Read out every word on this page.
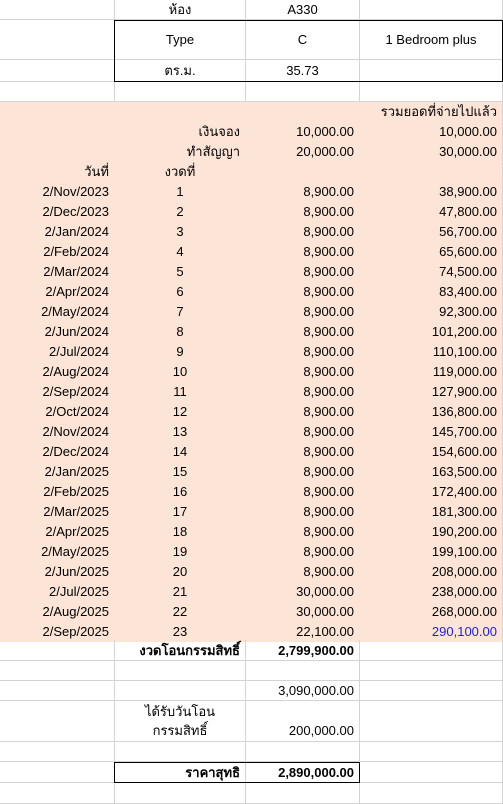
ห้อง	A330
Type	C	1 Bedroom plus
ตร.ม.	35.73
รวมยอดที่จ่ายไปแล้ว
เงินจอง	10,000.00	10,000.00
ทำสัญญา	20,000.00	30,000.00
วันที่	งวดที่
2/Nov/2023	1	8,900.00	38,900.00
2/Dec/2023	2	8,900.00	47,800.00
2/Jan/2024	3	8,900.00	56,700.00
2/Feb/2024	4	8,900.00	65,600.00
2/Mar/2024	5	8,900.00	74,500.00
2/Apr/2024	6	8,900.00	83,400.00
2/May/2024	7	8,900.00	92,300.00
2/Jun/2024	8	8,900.00	101,200.00
2/Jul/2024	9	8,900.00	110,100.00
2/Aug/2024	10	8,900.00	119,000.00
2/Sep/2024	11	8,900.00	127,900.00
2/Oct/2024	12	8,900.00	136,800.00
2/Nov/2024	13	8,900.00	145,700.00
2/Dec/2024	14	8,900.00	154,600.00
2/Jan/2025	15	8,900.00	163,500.00
2/Feb/2025	16	8,900.00	172,400.00
2/Mar/2025	17	8,900.00	181,300.00
2/Apr/2025	18	8,900.00	190,200.00
2/May/2025	19	8,900.00	199,100.00
2/Jun/2025	20	8,900.00	208,000.00
2/Jul/2025	21	30,000.00	238,000.00
2/Aug/2025	22	30,000.00	268,000.00
2/Sep/2025	23	22,100.00	290,100.00
งวดโอนกรรมสิทธิ์	2,799,900.00
3,090,000.00
ได้รับวันโอน
กรรมสิทธิ์	200,000.00
ราคาสุทธิ	2,890,000.00
